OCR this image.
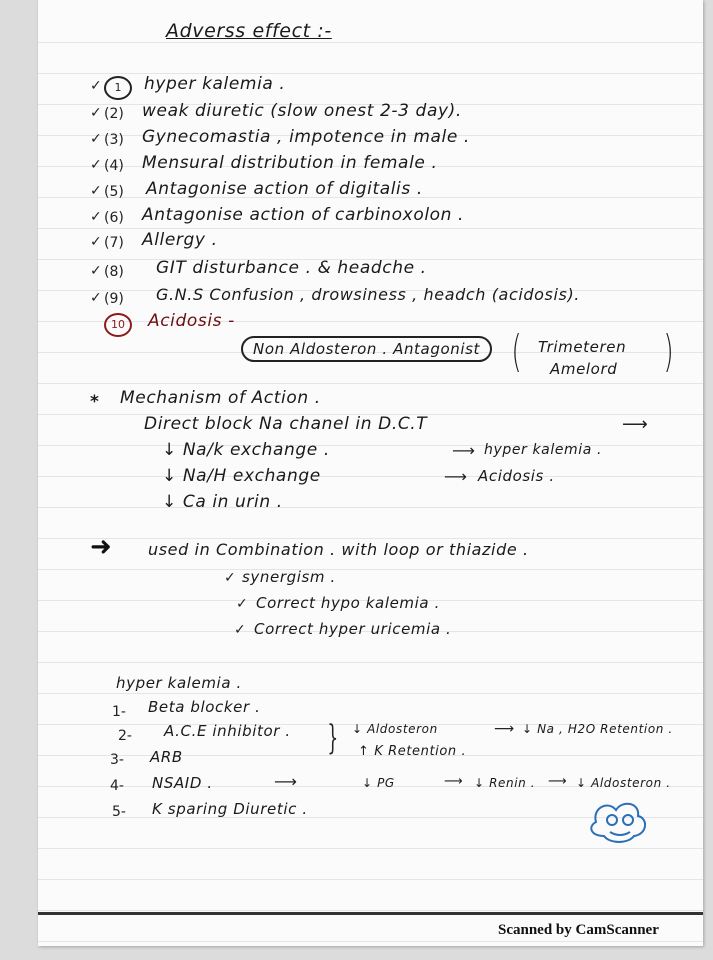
Adverss effect :-
✓	1	hyper kalemia .
✓ (2) weak diuretic (slow onest 2-3 day).
✓ (3) Gynecomastia , impotence in male .
✓ (4) Mensural distribution in female .
✓ (5) Antagonise action of digitalis .
✓ (6) Antagonise action of carbinoxolon .
✓ (7) Allergy .
✓ (8) GIT disturbance . & headche .
✓ (9) G.N.S Confusion , drowsiness , headch (acidosis).
10	Acidosis -
Non Aldosteron . Antagonist ( Trimeteren
Amelord )
* Mechanism of Action .
Direct block Na chanel in D.C.T	⟶
↓ Na/k exchange .	⟶ hyper kalemia .
↓ Na/H exchange	⟶ Acidosis .
↓ Ca in urin .
➜ used in Combination . with loop or thiazide .
✓ synergism .
✓ Correct hypo kalemia .
✓ Correct hyper uricemia .
hyper kalemia .
1- Beta blocker .
2- A.C.E inhibitor . } ↓ Aldosteron	⟶ ↓ Na , H2O Retention .
↑ K Retention .
3- ARB
4- NSAID .	⟶	↓ PG	⟶ ↓ Renin . ⟶ ↓ Aldosteron .
5- K sparing Diuretic .
Scanned by CamScanner
